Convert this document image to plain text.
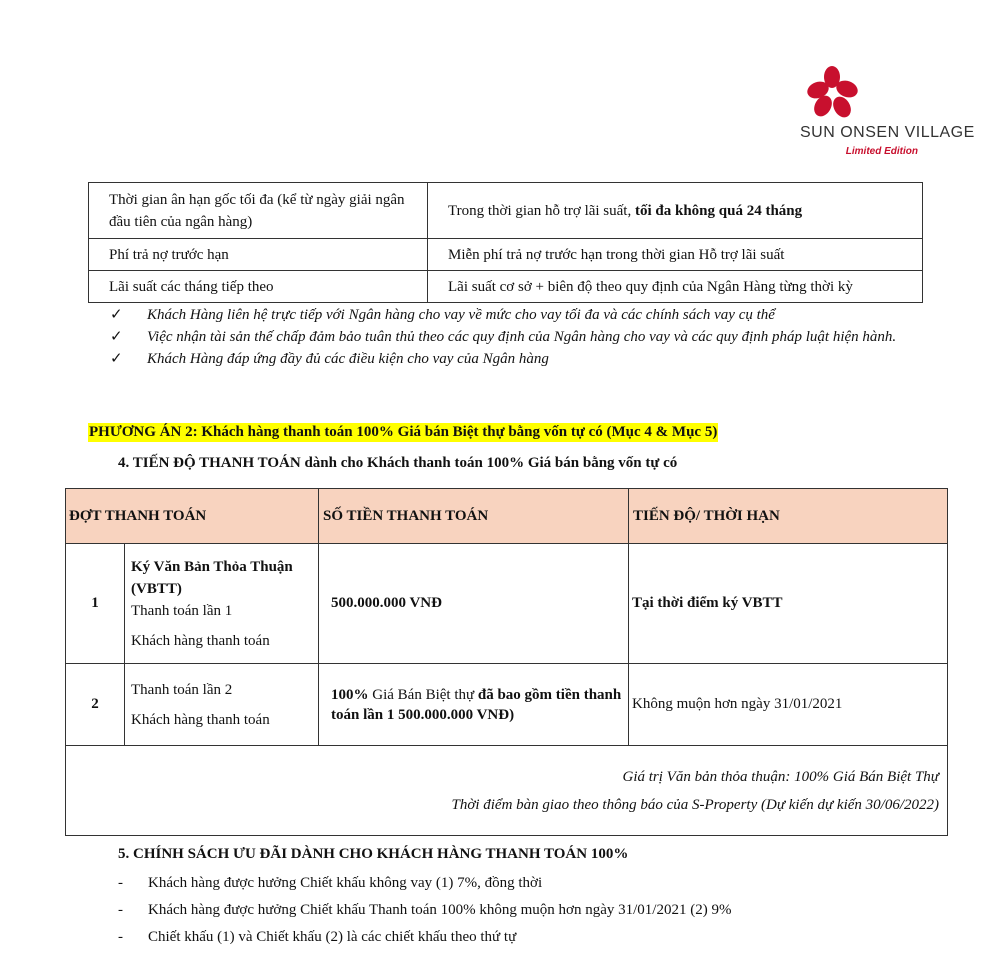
SUN ONSEN VILLAGE
Limited Edition
Thời gian ân hạn gốc tối đa (kể từ ngày giải ngân đầu tiên của ngân hàng)	Trong thời gian hỗ trợ lãi suất, tối đa không quá 24 tháng
Phí trả nợ trước hạn	Miễn phí trả nợ trước hạn trong thời gian Hỗ trợ lãi suất
Lãi suất các tháng tiếp theo	Lãi suất cơ sở + biên độ theo quy định của Ngân Hàng từng thời kỳ
✓ Khách Hàng liên hệ trực tiếp với Ngân hàng cho vay về mức cho vay tối đa và các chính sách vay cụ thể
✓ Việc nhận tài sản thế chấp đảm bảo tuân thủ theo các quy định của Ngân hàng cho vay và các quy định pháp luật hiện hành.
✓ Khách Hàng đáp ứng đầy đủ các điều kiện cho vay của Ngân hàng
PHƯƠNG ÁN 2: Khách hàng thanh toán 100% Giá bán Biệt thự bằng vốn tự có (Mục 4 & Mục 5)
4. TIẾN ĐỘ THANH TOÁN dành cho Khách thanh toán 100% Giá bán bằng vốn tự có
ĐỢT THANH TOÁN		SỐ TIỀN THANH TOÁN	TIẾN ĐỘ/ THỜI HẠN
1	Ký Văn Bản Thỏa Thuận (VBTT)
Thanh toán lần 1
Khách hàng thanh toán	500.000.000 VNĐ	Tại thời điểm ký VBTT
2	Thanh toán lần 2
Khách hàng thanh toán	100% Giá Bán Biệt thự đã bao gồm tiền thanh toán lần 1 500.000.000 VNĐ)	Không muộn hơn ngày 31/01/2021

Giá trị Văn bản thỏa thuận: 100% Giá Bán Biệt Thự
Thời điểm bàn giao theo thông báo của S-Property (Dự kiến dự kiến 30/06/2022)			
5. CHÍNH SÁCH ƯU ĐÃI DÀNH CHO KHÁCH HÀNG THANH TOÁN 100%
- Khách hàng được hưởng Chiết khấu không vay (1) 7%, đồng thời
- Khách hàng được hưởng Chiết khấu Thanh toán 100% không muộn hơn ngày 31/01/2021 (2) 9%
- Chiết khấu (1) và Chiết khấu (2) là các chiết khấu theo thứ tự
